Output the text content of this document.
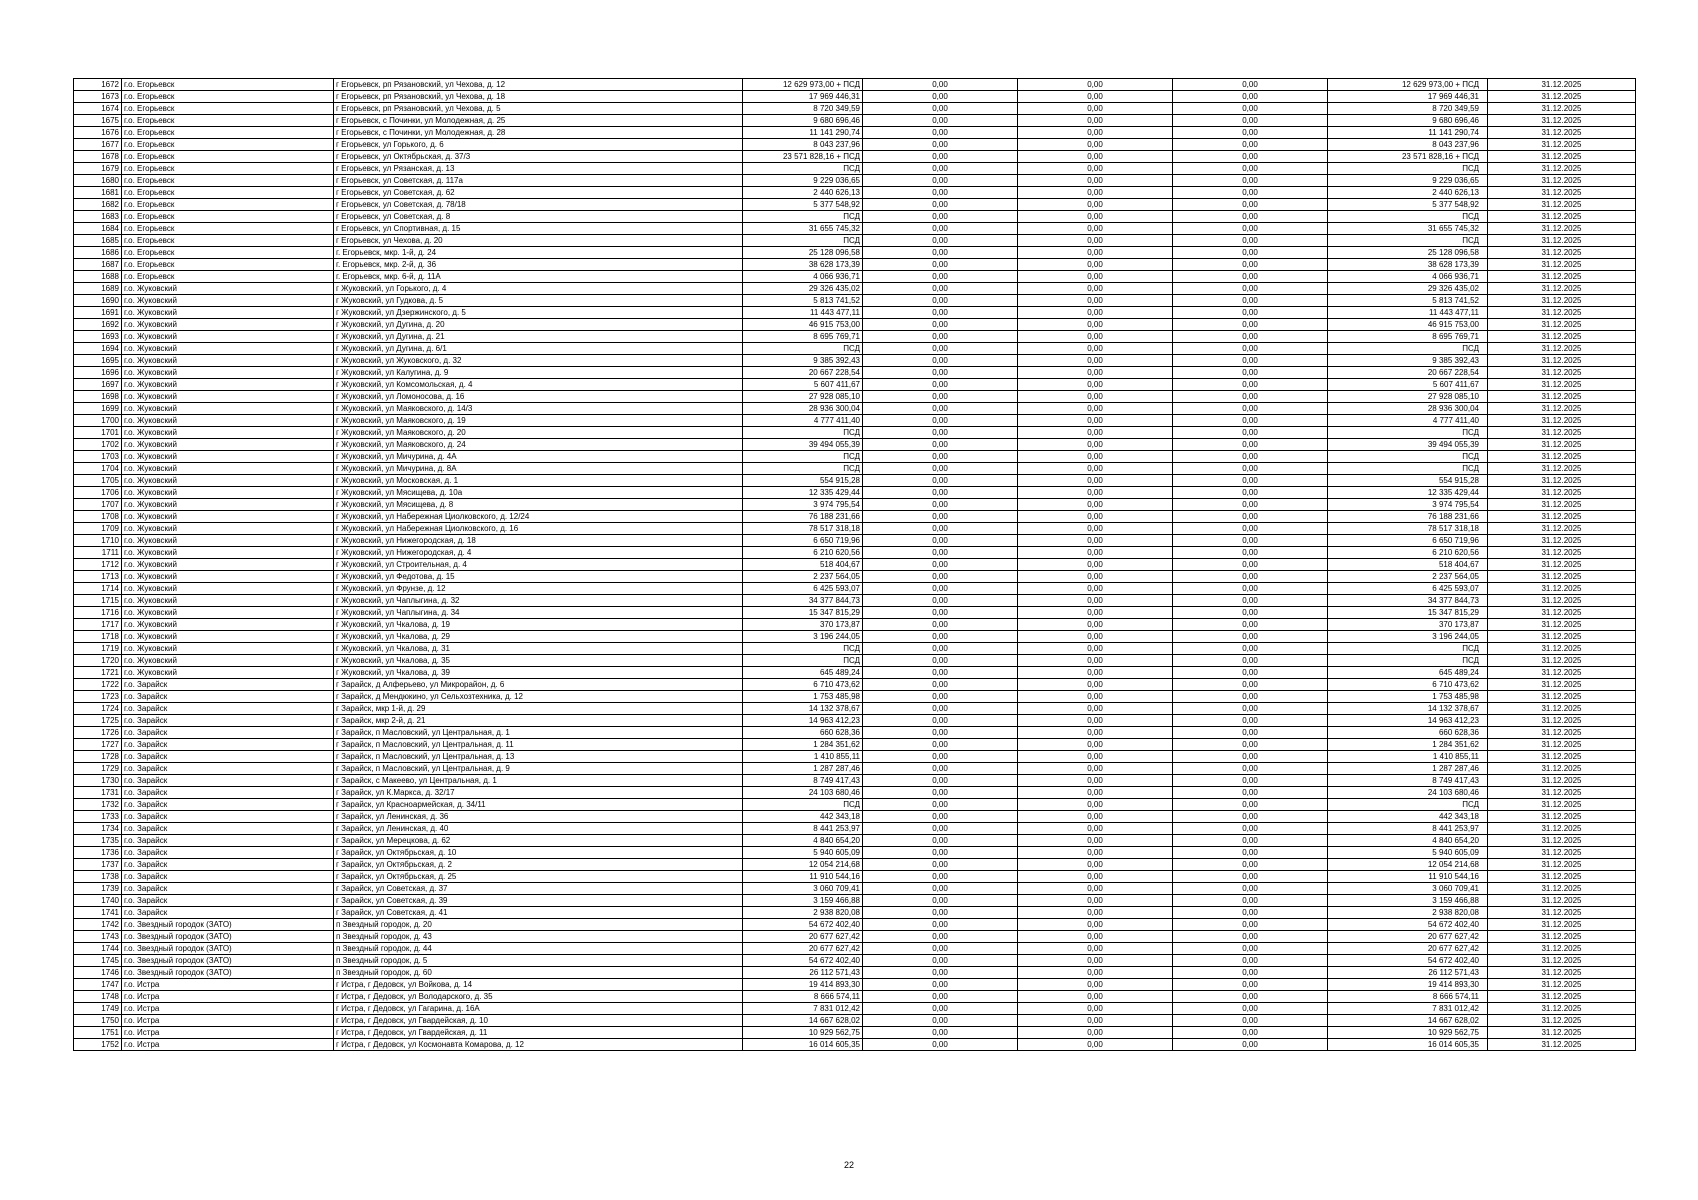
1672	г.о. Егорьевск	г Егорьевск, рп Рязановский, ул Чехова, д. 12	12 629 973,00 + ПСД	0,00	0,00	0,00	12 629 973,00 + ПСД	31.12.2025
1673	г.о. Егорьевск	г Егорьевск, рп Рязановский, ул Чехова, д. 18	17 969 446,31	0,00	0,00	0,00	17 969 446,31	31.12.2025
1674	г.о. Егорьевск	г Егорьевск, рп Рязановский, ул Чехова, д. 5	8 720 349,59	0,00	0,00	0,00	8 720 349,59	31.12.2025
1675	г.о. Егорьевск	г Егорьевск, с Починки, ул Молодежная, д. 25	9 680 696,46	0,00	0,00	0,00	9 680 696,46	31.12.2025
1676	г.о. Егорьевск	г Егорьевск, с Починки, ул Молодежная, д. 28	11 141 290,74	0,00	0,00	0,00	11 141 290,74	31.12.2025
1677	г.о. Егорьевск	г Егорьевск, ул Горького, д. 6	8 043 237,96	0,00	0,00	0,00	8 043 237,96	31.12.2025
1678	г.о. Егорьевск	г Егорьевск, ул Октябрьская, д. 37/3	23 571 828,16 + ПСД	0,00	0,00	0,00	23 571 828,16 + ПСД	31.12.2025
1679	г.о. Егорьевск	г Егорьевск, ул Рязанская, д. 13	ПСД	0,00	0,00	0,00	ПСД	31.12.2025
1680	г.о. Егорьевск	г Егорьевск, ул Советская, д. 117а	9 229 036,65	0,00	0,00	0,00	9 229 036,65	31.12.2025
1681	г.о. Егорьевск	г Егорьевск, ул Советская, д. 62	2 440 626,13	0,00	0,00	0,00	2 440 626,13	31.12.2025
1682	г.о. Егорьевск	г Егорьевск, ул Советская, д. 78/18	5 377 548,92	0,00	0,00	0,00	5 377 548,92	31.12.2025
1683	г.о. Егорьевск	г Егорьевск, ул Советская, д. 8	ПСД	0,00	0,00	0,00	ПСД	31.12.2025
1684	г.о. Егорьевск	г Егорьевск, ул Спортивная, д. 15	31 655 745,32	0,00	0,00	0,00	31 655 745,32	31.12.2025
1685	г.о. Егорьевск	г Егорьевск, ул Чехова, д. 20	ПСД	0,00	0,00	0,00	ПСД	31.12.2025
1686	г.о. Егорьевск	г. Егорьевск, мкр. 1-й, д. 24	25 128 096,58	0,00	0,00	0,00	25 128 096,58	31.12.2025
1687	г.о. Егорьевск	г. Егорьевск, мкр. 2-й, д. 36	38 628 173,39	0,00	0,00	0,00	38 628 173,39	31.12.2025
1688	г.о. Егорьевск	г. Егорьевск, мкр. 6-й, д. 11А	4 066 936,71	0,00	0,00	0,00	4 066 936,71	31.12.2025
1689	г.о. Жуковский	г Жуковский, ул Горького, д. 4	29 326 435,02	0,00	0,00	0,00	29 326 435,02	31.12.2025
1690	г.о. Жуковский	г Жуковский, ул Гудкова, д. 5	5 813 741,52	0,00	0,00	0,00	5 813 741,52	31.12.2025
1691	г.о. Жуковский	г Жуковский, ул Дзержинского, д. 5	11 443 477,11	0,00	0,00	0,00	11 443 477,11	31.12.2025
1692	г.о. Жуковский	г Жуковский, ул Дугина, д. 20	46 915 753,00	0,00	0,00	0,00	46 915 753,00	31.12.2025
1693	г.о. Жуковский	г Жуковский, ул Дугина, д. 21	8 695 769,71	0,00	0,00	0,00	8 695 769,71	31.12.2025
1694	г.о. Жуковский	г Жуковский, ул Дугина, д. 6/1	ПСД	0,00	0,00	0,00	ПСД	31.12.2025
1695	г.о. Жуковский	г Жуковский, ул Жуковского, д. 32	9 385 392,43	0,00	0,00	0,00	9 385 392,43	31.12.2025
1696	г.о. Жуковский	г Жуковский, ул Калугина, д. 9	20 667 228,54	0,00	0,00	0,00	20 667 228,54	31.12.2025
1697	г.о. Жуковский	г Жуковский, ул Комсомольская, д. 4	5 607 411,67	0,00	0,00	0,00	5 607 411,67	31.12.2025
1698	г.о. Жуковский	г Жуковский, ул Ломоносова, д. 16	27 928 085,10	0,00	0,00	0,00	27 928 085,10	31.12.2025
1699	г.о. Жуковский	г Жуковский, ул Маяковского, д. 14/3	28 936 300,04	0,00	0,00	0,00	28 936 300,04	31.12.2025
1700	г.о. Жуковский	г Жуковский, ул Маяковского, д. 19	4 777 411,40	0,00	0,00	0,00	4 777 411,40	31.12.2025
1701	г.о. Жуковский	г Жуковский, ул Маяковского, д. 20	ПСД	0,00	0,00	0,00	ПСД	31.12.2025
1702	г.о. Жуковский	г Жуковский, ул Маяковского, д. 24	39 494 055,39	0,00	0,00	0,00	39 494 055,39	31.12.2025
1703	г.о. Жуковский	г Жуковский, ул Мичурина, д. 4А	ПСД	0,00	0,00	0,00	ПСД	31.12.2025
1704	г.о. Жуковский	г Жуковский, ул Мичурина, д. 8А	ПСД	0,00	0,00	0,00	ПСД	31.12.2025
1705	г.о. Жуковский	г Жуковский, ул Московская, д. 1	554 915,28	0,00	0,00	0,00	554 915,28	31.12.2025
1706	г.о. Жуковский	г Жуковский, ул Мясищева, д. 10а	12 335 429,44	0,00	0,00	0,00	12 335 429,44	31.12.2025
1707	г.о. Жуковский	г Жуковский, ул Мясищева, д. 8	3 974 795,54	0,00	0,00	0,00	3 974 795,54	31.12.2025
1708	г.о. Жуковский	г Жуковский, ул Набережная Циолковского, д. 12/24	76 188 231,66	0,00	0,00	0,00	76 188 231,66	31.12.2025
1709	г.о. Жуковский	г Жуковский, ул Набережная Циолковского, д. 16	78 517 318,18	0,00	0,00	0,00	78 517 318,18	31.12.2025
1710	г.о. Жуковский	г Жуковский, ул Нижегородская, д. 18	6 650 719,96	0,00	0,00	0,00	6 650 719,96	31.12.2025
1711	г.о. Жуковский	г Жуковский, ул Нижегородская, д. 4	6 210 620,56	0,00	0,00	0,00	6 210 620,56	31.12.2025
1712	г.о. Жуковский	г Жуковский, ул Строительная, д. 4	518 404,67	0,00	0,00	0,00	518 404,67	31.12.2025
1713	г.о. Жуковский	г Жуковский, ул Федотова, д. 15	2 237 564,05	0,00	0,00	0,00	2 237 564,05	31.12.2025
1714	г.о. Жуковский	г Жуковский, ул Фрунзе, д. 12	6 425 593,07	0,00	0,00	0,00	6 425 593,07	31.12.2025
1715	г.о. Жуковский	г Жуковский, ул Чаплыгина, д. 32	34 377 844,73	0,00	0,00	0,00	34 377 844,73	31.12.2025
1716	г.о. Жуковский	г Жуковский, ул Чаплыгина, д. 34	15 347 815,29	0,00	0,00	0,00	15 347 815,29	31.12.2025
1717	г.о. Жуковский	г Жуковский, ул Чкалова, д. 19	370 173,87	0,00	0,00	0,00	370 173,87	31.12.2025
1718	г.о. Жуковский	г Жуковский, ул Чкалова, д. 29	3 196 244,05	0,00	0,00	0,00	3 196 244,05	31.12.2025
1719	г.о. Жуковский	г Жуковский, ул Чкалова, д. 31	ПСД	0,00	0,00	0,00	ПСД	31.12.2025
1720	г.о. Жуковский	г Жуковский, ул Чкалова, д. 35	ПСД	0,00	0,00	0,00	ПСД	31.12.2025
1721	г.о. Жуковский	г Жуковский, ул Чкалова, д. 39	645 489,24	0,00	0,00	0,00	645 489,24	31.12.2025
1722	г.о. Зарайск	г Зарайск, д Алферьево, ул Микрорайон, д. 6	6 710 473,62	0,00	0,00	0,00	6 710 473,62	31.12.2025
1723	г.о. Зарайск	г Зарайск, д Мендюкино, ул Сельхозтехника, д. 12	1 753 485,98	0,00	0,00	0,00	1 753 485,98	31.12.2025
1724	г.о. Зарайск	г Зарайск, мкр 1-й, д. 29	14 132 378,67	0,00	0,00	0,00	14 132 378,67	31.12.2025
1725	г.о. Зарайск	г Зарайск, мкр 2-й, д. 21	14 963 412,23	0,00	0,00	0,00	14 963 412,23	31.12.2025
1726	г.о. Зарайск	г Зарайск, п Масловский, ул Центральная, д. 1	660 628,36	0,00	0,00	0,00	660 628,36	31.12.2025
1727	г.о. Зарайск	г Зарайск, п Масловский, ул Центральная, д. 11	1 284 351,62	0,00	0,00	0,00	1 284 351,62	31.12.2025
1728	г.о. Зарайск	г Зарайск, п Масловский, ул Центральная, д. 13	1 410 855,11	0,00	0,00	0,00	1 410 855,11	31.12.2025
1729	г.о. Зарайск	г Зарайск, п Масловский, ул Центральная, д. 9	1 287 287,46	0,00	0,00	0,00	1 287 287,46	31.12.2025
1730	г.о. Зарайск	г Зарайск, с Макеево, ул Центральная, д. 1	8 749 417,43	0,00	0,00	0,00	8 749 417,43	31.12.2025
1731	г.о. Зарайск	г Зарайск, ул К.Маркса, д. 32/17	24 103 680,46	0,00	0,00	0,00	24 103 680,46	31.12.2025
1732	г.о. Зарайск	г Зарайск, ул Красноармейская, д. 34/11	ПСД	0,00	0,00	0,00	ПСД	31.12.2025
1733	г.о. Зарайск	г Зарайск, ул Ленинская, д. 36	442 343,18	0,00	0,00	0,00	442 343,18	31.12.2025
1734	г.о. Зарайск	г Зарайск, ул Ленинская, д. 40	8 441 253,97	0,00	0,00	0,00	8 441 253,97	31.12.2025
1735	г.о. Зарайск	г Зарайск, ул Мерецкова, д. 62	4 840 654,20	0,00	0,00	0,00	4 840 654,20	31.12.2025
1736	г.о. Зарайск	г Зарайск, ул Октябрьская, д. 10	5 940 605,09	0,00	0,00	0,00	5 940 605,09	31.12.2025
1737	г.о. Зарайск	г Зарайск, ул Октябрьская, д. 2	12 054 214,68	0,00	0,00	0,00	12 054 214,68	31.12.2025
1738	г.о. Зарайск	г Зарайск, ул Октябрьская, д. 25	11 910 544,16	0,00	0,00	0,00	11 910 544,16	31.12.2025
1739	г.о. Зарайск	г Зарайск, ул Советская, д. 37	3 060 709,41	0,00	0,00	0,00	3 060 709,41	31.12.2025
1740	г.о. Зарайск	г Зарайск, ул Советская, д. 39	3 159 466,88	0,00	0,00	0,00	3 159 466,88	31.12.2025
1741	г.о. Зарайск	г Зарайск, ул Советская, д. 41	2 938 820,08	0,00	0,00	0,00	2 938 820,08	31.12.2025
1742	г.о. Звездный городок (ЗАТО)	п Звездный городок, д. 20	54 672 402,40	0,00	0,00	0,00	54 672 402,40	31.12.2025
1743	г.о. Звездный городок (ЗАТО)	п Звездный городок, д. 43	20 677 627,42	0,00	0,00	0,00	20 677 627,42	31.12.2025
1744	г.о. Звездный городок (ЗАТО)	п Звездный городок, д. 44	20 677 627,42	0,00	0,00	0,00	20 677 627,42	31.12.2025
1745	г.о. Звездный городок (ЗАТО)	п Звездный городок, д. 5	54 672 402,40	0,00	0,00	0,00	54 672 402,40	31.12.2025
1746	г.о. Звездный городок (ЗАТО)	п Звездный городок, д. 60	26 112 571,43	0,00	0,00	0,00	26 112 571,43	31.12.2025
1747	г.о. Истра	г Истра, г Дедовск, ул Войкова, д. 14	19 414 893,30	0,00	0,00	0,00	19 414 893,30	31.12.2025
1748	г.о. Истра	г Истра, г Дедовск, ул Володарского, д. 35	8 666 574,11	0,00	0,00	0,00	8 666 574,11	31.12.2025
1749	г.о. Истра	г Истра, г Дедовск, ул Гагарина, д. 16А	7 831 012,42	0,00	0,00	0,00	7 831 012,42	31.12.2025
1750	г.о. Истра	г Истра, г Дедовск, ул Гвардейская, д. 10	14 667 628,02	0,00	0,00	0,00	14 667 628,02	31.12.2025
1751	г.о. Истра	г Истра, г Дедовск, ул Гвардейская, д. 11	10 929 562,75	0,00	0,00	0,00	10 929 562,75	31.12.2025
1752	г.о. Истра	г Истра, г Дедовск, ул Космонавта Комарова, д. 12	16 014 605,35	0,00	0,00	0,00	16 014 605,35	31.12.2025
22
